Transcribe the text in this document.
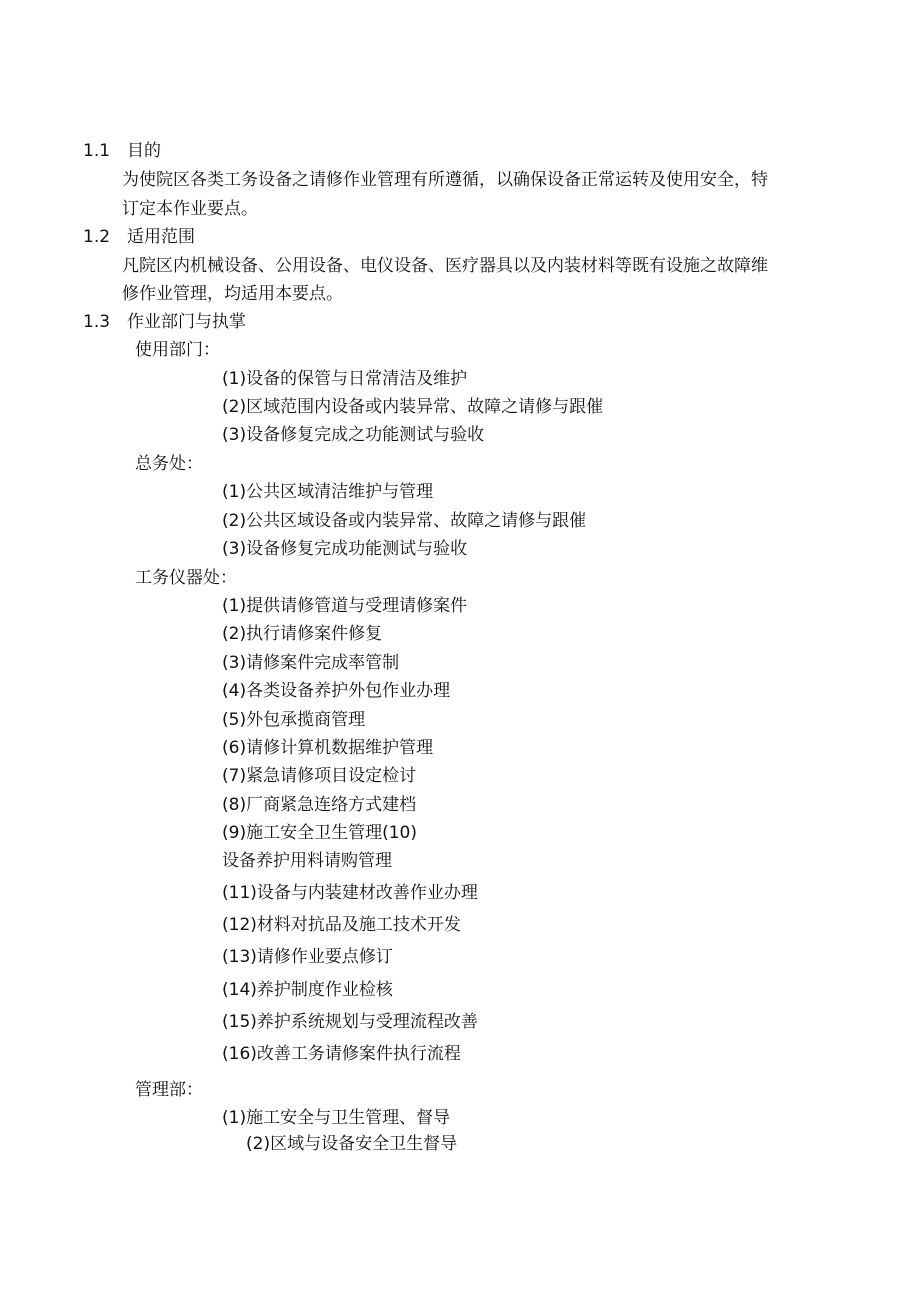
1.1 目的
为使院区各类工务设备之请修作业管理有所遵循，以确保设备正常运转及使用安全，特
订定本作业要点。
1.2 适用范围
凡院区内机械设备、公用设备、电仪设备、医疗器具以及内装材料等既有设施之故障维
修作业管理，均适用本要点。
1.3 作业部门与执掌
使用部门：
(1)设备的保管与日常清洁及维护
(2)区域范围内设备或内装异常、故障之请修与跟催
(3)设备修复完成之功能测试与验收
总务处：
(1)公共区域清洁维护与管理
(2)公共区域设备或内装异常、故障之请修与跟催
(3)设备修复完成功能测试与验收
工务仪器处：
(1)提供请修管道与受理请修案件
(2)执行请修案件修复
(3)请修案件完成率管制
(4)各类设备养护外包作业办理
(5)外包承揽商管理
(6)请修计算机数据维护管理
(7)紧急请修项目设定检讨
(8)厂商紧急连络方式建档
(9)施工安全卫生管理(10)
设备养护用料请购管理
(11)设备与内装建材改善作业办理
(12)材料对抗品及施工技术开发
(13)请修作业要点修订
(14)养护制度作业检核
(15)养护系统规划与受理流程改善
(16)改善工务请修案件执行流程
管理部：
(1)施工安全与卫生管理、督导
(2)区域与设备安全卫生督导
